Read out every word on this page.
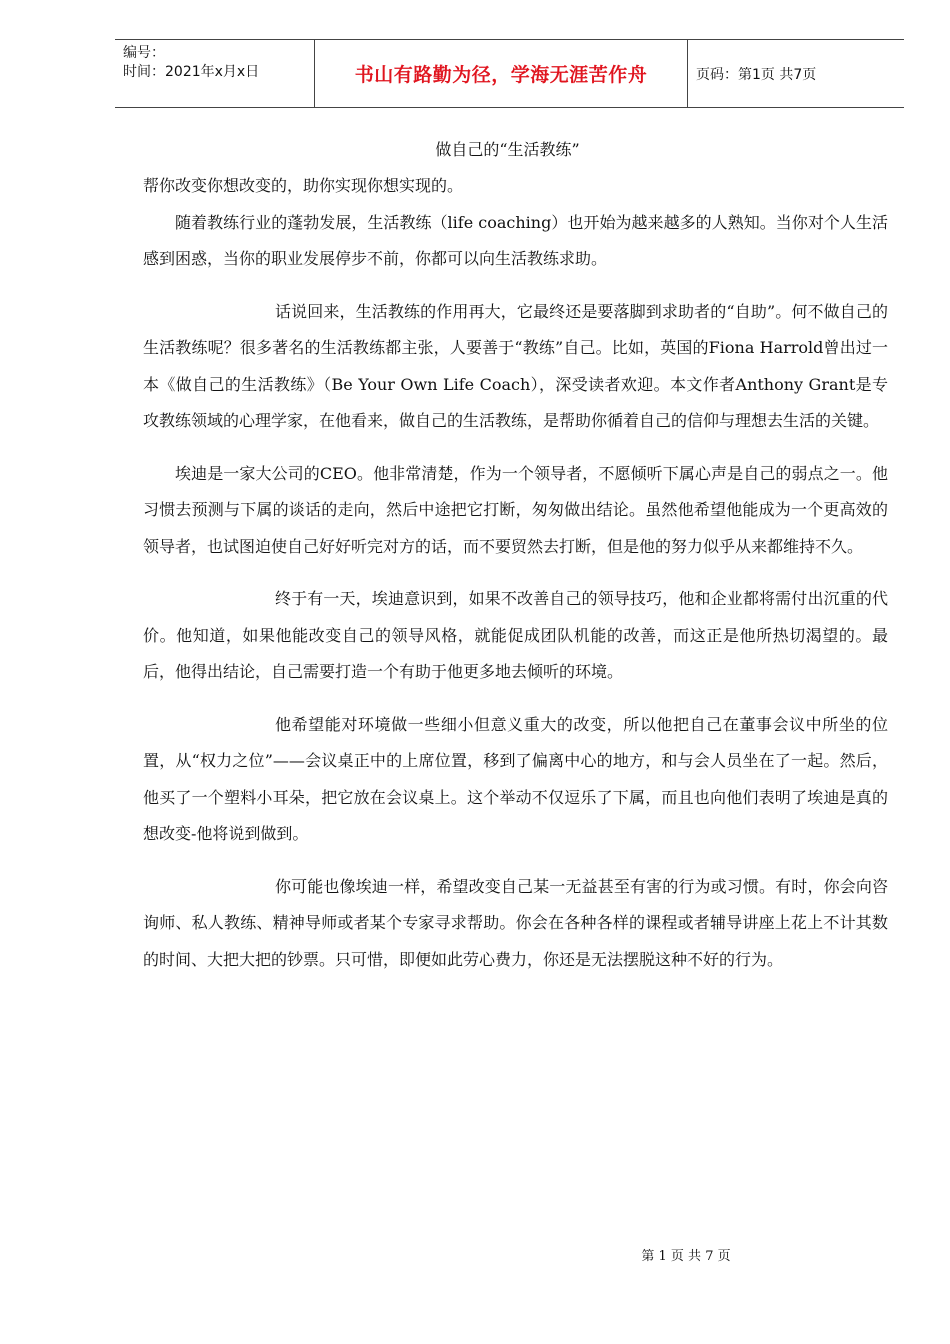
编号：
时间：2021年x月x日	书山有路勤为径，学海无涯苦作舟	页码：第1页 共7页
做自己的“生活教练”

帮你改变你想改变的，助你实现你想实现的。

随着教练行业的蓬勃发展，生活教练（life coaching）也开始为越来越多的人熟知。当你对个人生活感到困惑，当你的职业发展停步不前，你都可以向生活教练求助。

话说回来，生活教练的作用再大，它最终还是要落脚到求助者的“自助”。何不做自己的生活教练呢？很多著名的生活教练都主张，人要善于“教练”自己。比如，英国的Fiona Harrold曾出过一本《做自己的生活教练》（Be Your Own Life Coach），深受读者欢迎。本文作者Anthony Grant是专攻教练领域的心理学家，在他看来，做自己的生活教练，是帮助你循着自己的信仰与理想去生活的关键。

埃迪是一家大公司的CEO。他非常清楚，作为一个领导者，不愿倾听下属心声是自己的弱点之一。他习惯去预测与下属的谈话的走向，然后中途把它打断，匆匆做出结论。虽然他希望他能成为一个更高效的领导者，也试图迫使自己好好听完对方的话，而不要贸然去打断，但是他的努力似乎从来都维持不久。

终于有一天，埃迪意识到，如果不改善自己的领导技巧，他和企业都将需付出沉重的代价。他知道，如果他能改变自己的领导风格，就能促成团队机能的改善，而这正是他所热切渴望的。最后，他得出结论，自己需要打造一个有助于他更多地去倾听的环境。

他希望能对环境做一些细小但意义重大的改变，所以他把自己在董事会议中所坐的位置，从“权力之位”——会议桌正中的上席位置，移到了偏离中心的地方，和与会人员坐在了一起。然后，他买了一个塑料小耳朵，把它放在会议桌上。这个举动不仅逗乐了下属，而且也向他们表明了埃迪是真的想改变-他将说到做到。

你可能也像埃迪一样，希望改变自己某一无益甚至有害的行为或习惯。有时，你会向咨询师、私人教练、精神导师或者某个专家寻求帮助。你会在各种各样的课程或者辅导讲座上花上不计其数的时间、大把大把的钞票。只可惜，即便如此劳心费力，你还是无法摆脱这种不好的行为。

第 1 页 共 7 页
